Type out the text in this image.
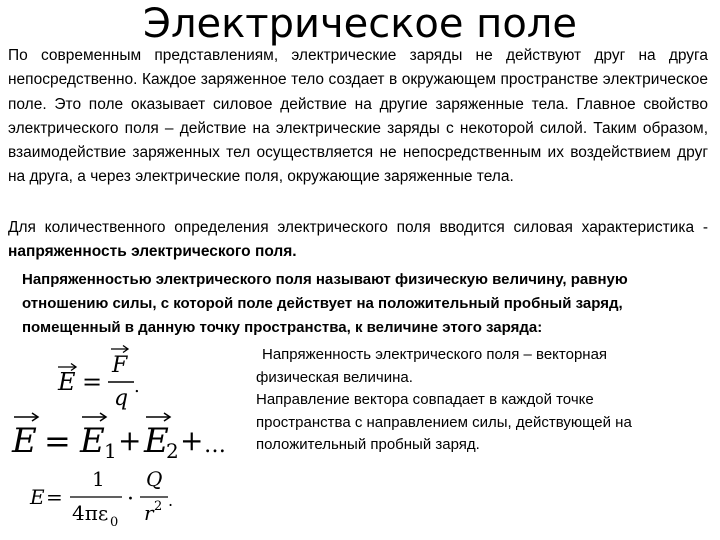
Электрическое поле
По современным представлениям, электрические заряды не действуют друг на друга непосредственно. Каждое заряженное тело создает в окружающем пространстве электрическое поле. Это поле оказывает силовое действие на другие заряженные тела. Главное свойство электрического поля – действие на электрические заряды с некоторой силой. Таким образом, взаимодействие заряженных тел осуществляется не непосредственным их воздействием друг на друга, а через электрические поля, окружающие заряженные тела.
Для количественного определения электрического поля вводится силовая характеристика - напряженность электрического поля.
Напряженностью электрического поля называют физическую величину, равную отношению силы, с которой поле действует на положительный пробный заряд, помещенный в данную точку пространства, к величине этого заряда:
Напряженность электрического поля – векторная
физическая величина.
Направление вектора совпадает в каждой точке
пространства с направлением силы, действующей на
положительный пробный заряд.
E =
F
q .
E = E 1 + E
2 + …
E =
1
4πε 0
·
Q
r 2 .
